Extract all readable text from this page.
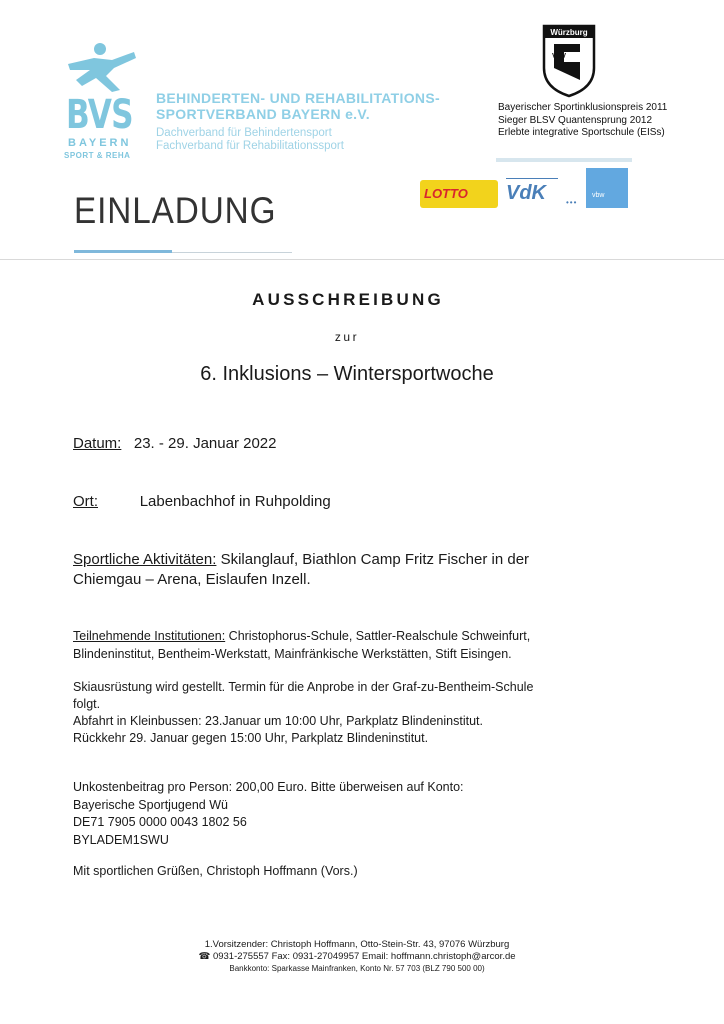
BVS
BAYERN
SPORT & REHA
BEHINDERTEN- UND REHABILITATIONS-
SPORTVERBAND BAYERN e.V.
Dachverband für Behindertensport
Fachverband für Rehabilitationssport
Würzburg
VSV
Bayerischer Sportinklusionspreis 2011
Sieger BLSV Quantensprung 2012
Erlebte integrative Sportschule (EISs)
LOTTO VdK	•••
vbw
EINLADUNG
AUSSCHREIBUNG
zur
6. Inklusions – Wintersportwoche
Datum: 23. - 29. Januar 2022
Ort:	Labenbachhof in Ruhpolding
Sportliche Aktivitäten: Skilanglauf, Biathlon Camp Fritz Fischer in der
Chiemgau – Arena, Eislaufen Inzell.
Teilnehmende Institutionen: Christophorus-Schule, Sattler-Realschule Schweinfurt,
Blindeninstitut, Bentheim-Werkstatt, Mainfränkische Werkstätten, Stift Eisingen.
Skiausrüstung wird gestellt. Termin für die Anprobe in der Graf-zu-Bentheim-Schule
folgt.
Abfahrt in Kleinbussen: 23.Januar um 10:00 Uhr, Parkplatz Blindeninstitut.
Rückkehr 29. Januar gegen 15:00 Uhr, Parkplatz Blindeninstitut.
Unkostenbeitrag pro Person: 200,00 Euro. Bitte überweisen auf Konto:
Bayerische Sportjugend Wü
DE71 7905 0000 0043 1802 56
BYLADEM1SWU
Mit sportlichen Grüßen, Christoph Hoffmann (Vors.)
1.Vorsitzender: Christoph Hoffmann, Otto-Stein-Str. 43, 97076 Würzburg
☎ 0931-275557 Fax: 0931-27049957 Email: hoffmann.christoph@arcor.de
Bankkonto: Sparkasse Mainfranken, Konto Nr. 57 703 (BLZ 790 500 00)
